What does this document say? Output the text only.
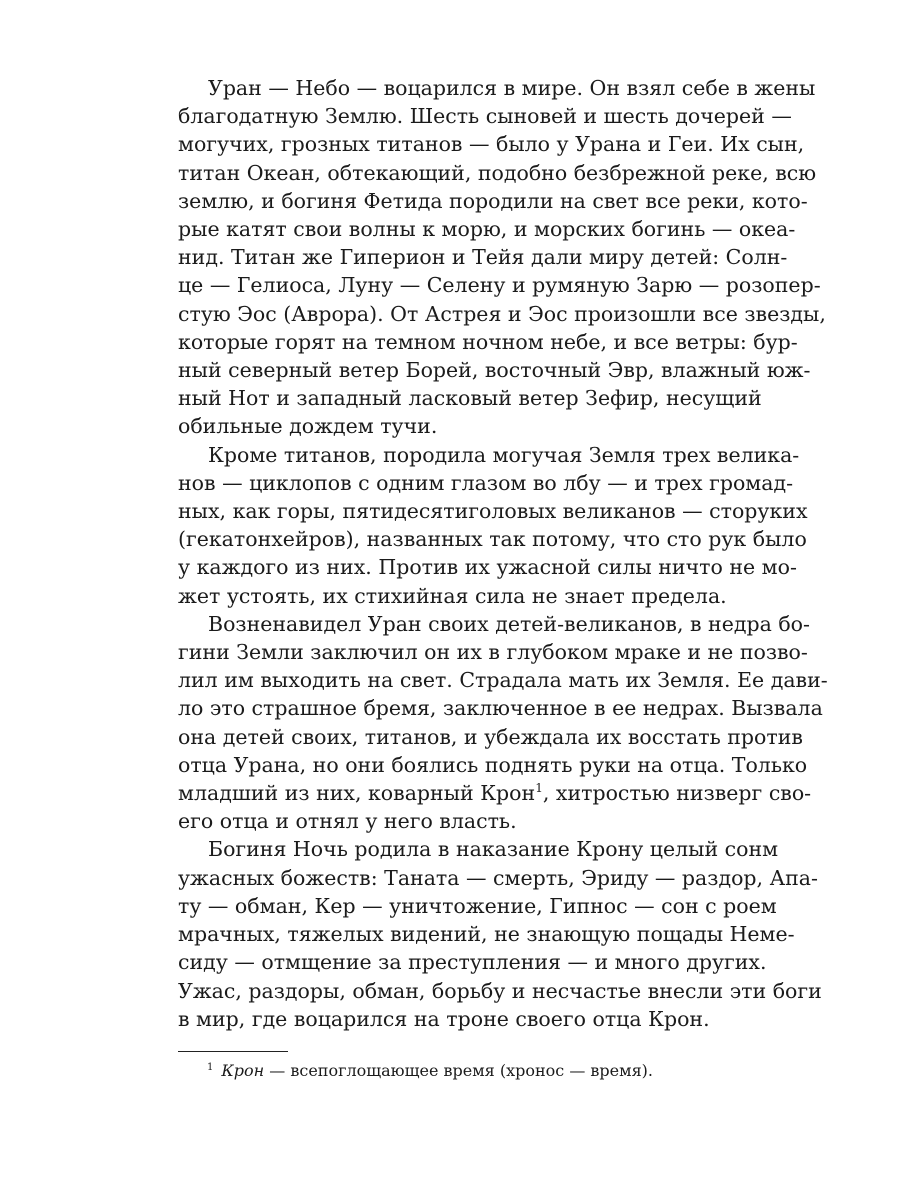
Уран — Небо — воцарился в мире. Он взял себе в жены
благодатную Землю. Шесть сыновей и шесть дочерей —
могучих, грозных титанов — было у Урана и Геи. Их сын,
титан Океан, обтекающий, подобно безбрежной реке, всю
землю, и богиня Фетида породили на свет все реки, кото-
рые катят свои волны к морю, и морских богинь — океа-
нид. Титан же Гиперион и Тейя дали миру детей: Солн-
це — Гелиоса, Луну — Селену и румяную Зарю — розопер-
стую Эос (Аврора). От Астрея и Эос произошли все звезды,
которые горят на темном ночном небе, и все ветры: бур-
ный северный ветер Борей, восточный Эвр, влажный юж-
ный Нот и западный ласковый ветер Зефир, несущий
обильные дождем тучи.

Кроме титанов, породила могучая Земля трех велика-
нов — циклопов с одним глазом во лбу — и трех громад-
ных, как горы, пятидесятиголовых великанов — сторуких
(гекатонхейров), названных так потому, что сто рук было
у каждого из них. Против их ужасной силы ничто не мо-
жет устоять, их стихийная сила не знает предела.

Возненавидел Уран своих детей-великанов, в недра бо-
гини Земли заключил он их в глубоком мраке и не позво-
лил им выходить на свет. Страдала мать их Земля. Ее дави-
ло это страшное бремя, заключенное в ее недрах. Вызвала
она детей своих, титанов, и убеждала их восстать против
отца Урана, но они боялись поднять руки на отца. Только
младший из них, коварный Крон$^1$, хитростью низверг сво-
его отца и отнял у него власть.

Богиня Ночь родила в наказание Крону целый сонм
ужасных божеств: Таната — смерть, Эриду — раздор, Апа-
ту — обман, Кер — уничтожение, Гипнос — сон с роем
мрачных, тяжелых видений, не знающую пощады Неме-
сиду — отмщение за преступления — и много других.
Ужас, раздоры, обман, борьбу и несчастье внесли эти боги
в мир, где воцарился на троне своего отца Крон.

$^1$ Крон — всепоглощающее время (хронос — время).
